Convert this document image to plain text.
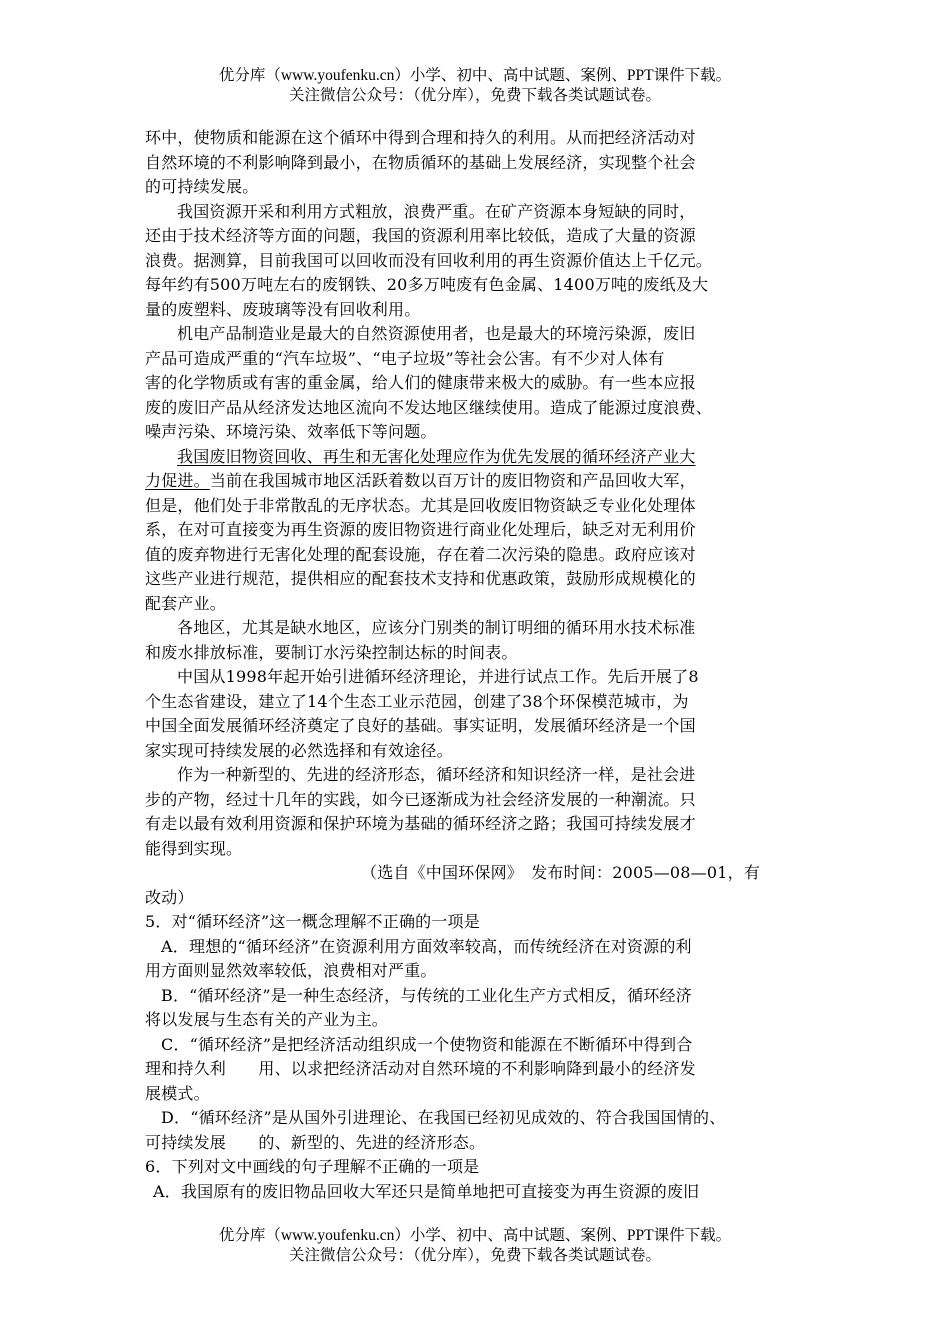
优分库（www.youfenku.cn）小学、初中、高中试题、案例、PPT课件下载。
关注微信公众号：（优分库），免费下载各类试题试卷。
环中，使物质和能源在这个循环中得到合理和持久的利用。从而把经济活动对
自然环境的不利影响降到最小，在物质循环的基础上发展经济，实现整个社会
的可持续发展。
我国资源开采和利用方式粗放，浪费严重。在矿产资源本身短缺的同时，
还由于技术经济等方面的问题，我国的资源利用率比较低，造成了大量的资源
浪费。据测算，目前我国可以回收而没有回收利用的再生资源价值达上千亿元。
每年约有500万吨左右的废钢铁、20多万吨废有色金属、1400万吨的废纸及大
量的废塑料、废玻璃等没有回收利用。
机电产品制造业是最大的自然资源使用者，也是最大的环境污染源，废旧
产品可造成严重的“汽车垃圾”、“电子垃圾”等社会公害。有不少对人体有
害的化学物质或有害的重金属，给人们的健康带来极大的威胁。有一些本应报
废的废旧产品从经济发达地区流向不发达地区继续使用。造成了能源过度浪费、
噪声污染、环境污染、效率低下等问题。
我国废旧物资回收、再生和无害化处理应作为优先发展的循环经济产业大
力促进。当前在我国城市地区活跃着数以百万计的废旧物资和产品回收大军，
但是，他们处于非常散乱的无序状态。尤其是回收废旧物资缺乏专业化处理体
系，在对可直接变为再生资源的废旧物资进行商业化处理后，缺乏对无利用价
值的废弃物进行无害化处理的配套设施，存在着二次污染的隐患。政府应该对
这些产业进行规范，提供相应的配套技术支持和优惠政策，鼓励形成规模化的
配套产业。
各地区，尤其是缺水地区，应该分门别类的制订明细的循环用水技术标准
和废水排放标准，要制订水污染控制达标的时间表。
中国从1998年起开始引进循环经济理论，并进行试点工作。先后开展了8
个生态省建设，建立了14个生态工业示范园，创建了38个环保模范城市，为
中国全面发展循环经济奠定了良好的基础。事实证明，发展循环经济是一个国
家实现可持续发展的必然选择和有效途径。
作为一种新型的、先进的经济形态，循环经济和知识经济一样，是社会进
步的产物，经过十几年的实践，如今已逐渐成为社会经济发展的一种潮流。只
有走以最有效利用资源和保护环境为基础的循环经济之路；我国可持续发展才
能得到实现。
（选自《中国环保网》　发布时间：2005—08—01，有
改动）
5．对“循环经济”这一概念理解不正确的一项是
A．理想的“循环经济”在资源利用方面效率较高，而传统经济在对资源的利
用方面则显然效率较低，浪费相对严重。
B．“循环经济”是一种生态经济，与传统的工业化生产方式相反，循环经济
将以发展与生态有关的产业为主。
C．“循环经济”是把经济活动组织成一个使物资和能源在不断循环中得到合
理和持久利　　用、以求把经济活动对自然环境的不利影响降到最小的经济发
展模式。
D．“循环经济”是从国外引进理论、在我国已经初见成效的、符合我国国情的、
可持续发展　　的、新型的、先进的经济形态。
6．下列对文中画线的句子理解不正确的一项是
A．我国原有的废旧物品回收大军还只是简单地把可直接变为再生资源的废旧
优分库（www.youfenku.cn）小学、初中、高中试题、案例、PPT课件下载。
关注微信公众号：（优分库），免费下载各类试题试卷。
